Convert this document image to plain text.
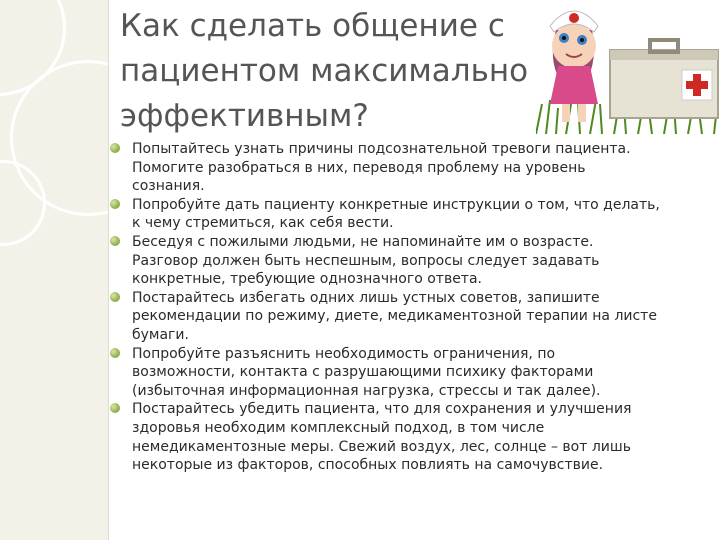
Как сделать общение с
пациентом максимально
эффективным?
Попытайтесь узнать причины подсознательной тревоги пациента.
Помогите разобраться в них, переводя проблему на уровень
сознания.
Попробуйте дать пациенту конкретные инструкции о том, что делать,
к чему стремиться, как себя вести.
Беседуя с пожилыми людьми, не напоминайте им о возрасте.
Разговор должен быть неспешным, вопросы следует задавать
конкретные, требующие однозначного ответа.
Постарайтесь избегать одних лишь устных советов, запишите
рекомендации по режиму, диете, медикаментозной терапии на листе
бумаги.
Попробуйте разъяснить необходимость ограничения, по
возможности, контакта с разрушающими психику факторами
(избыточная информационная нагрузка, стрессы и так далее).
Постарайтесь убедить пациента, что для сохранения и улучшения
здоровья необходим комплексный подход, в том числе
немедикаментозные меры. Свежий воздух, лес, солнце – вот лишь
некоторые из факторов, способных повлиять на самочувствие.
